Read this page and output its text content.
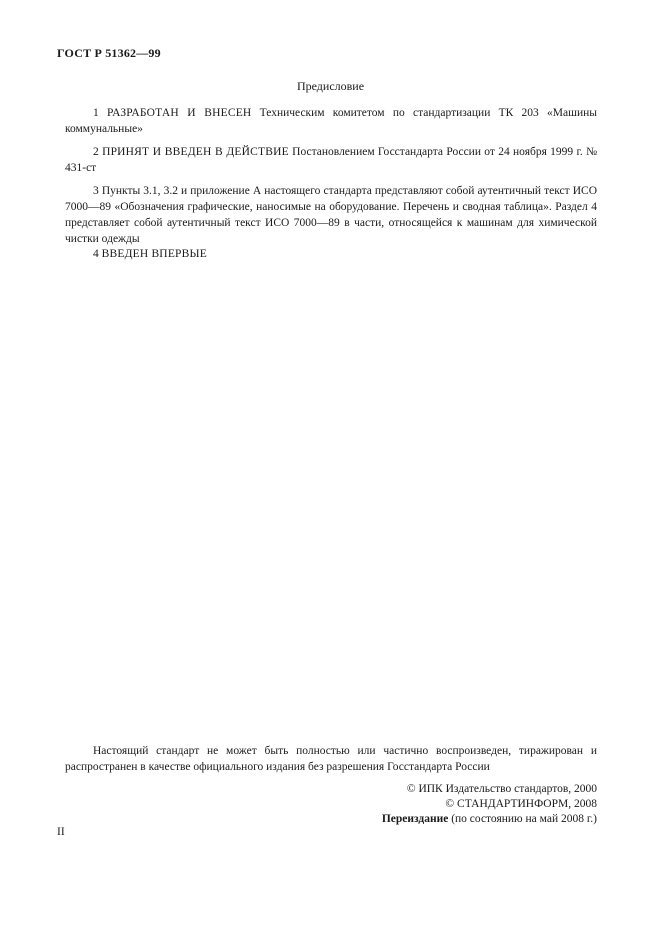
ГОСТ Р 51362—99
Предисловие

1 РАЗРАБОТАН И ВНЕСЕН Техническим комитетом по стандартизации ТК 203 «Машины коммунальные»

2 ПРИНЯТ И ВВЕДЕН В ДЕЙСТВИЕ Постановлением Госстандарта России от 24 ноября 1999 г. № 431-ст

3 Пункты 3.1, 3.2 и приложение А настоящего стандарта представляют собой аутентичный текст ИСО 7000—89 «Обозначения графические, наносимые на оборудование. Перечень и сводная таблица». Раздел 4 представляет собой аутентичный текст ИСО 7000—89 в части, относящейся к машинам для химической чистки одежды

4 ВВЕДЕН ВПЕРВЫЕ

Настоящий стандарт не может быть полностью или частично воспроизведен, тиражирован и распространен в качестве официального издания без разрешения Госстандарта России

© ИПК Издательство стандартов, 2000
© СТАНДАРТИНФОРМ, 2008
Переиздание (по состоянию на май 2008 г.)
II
